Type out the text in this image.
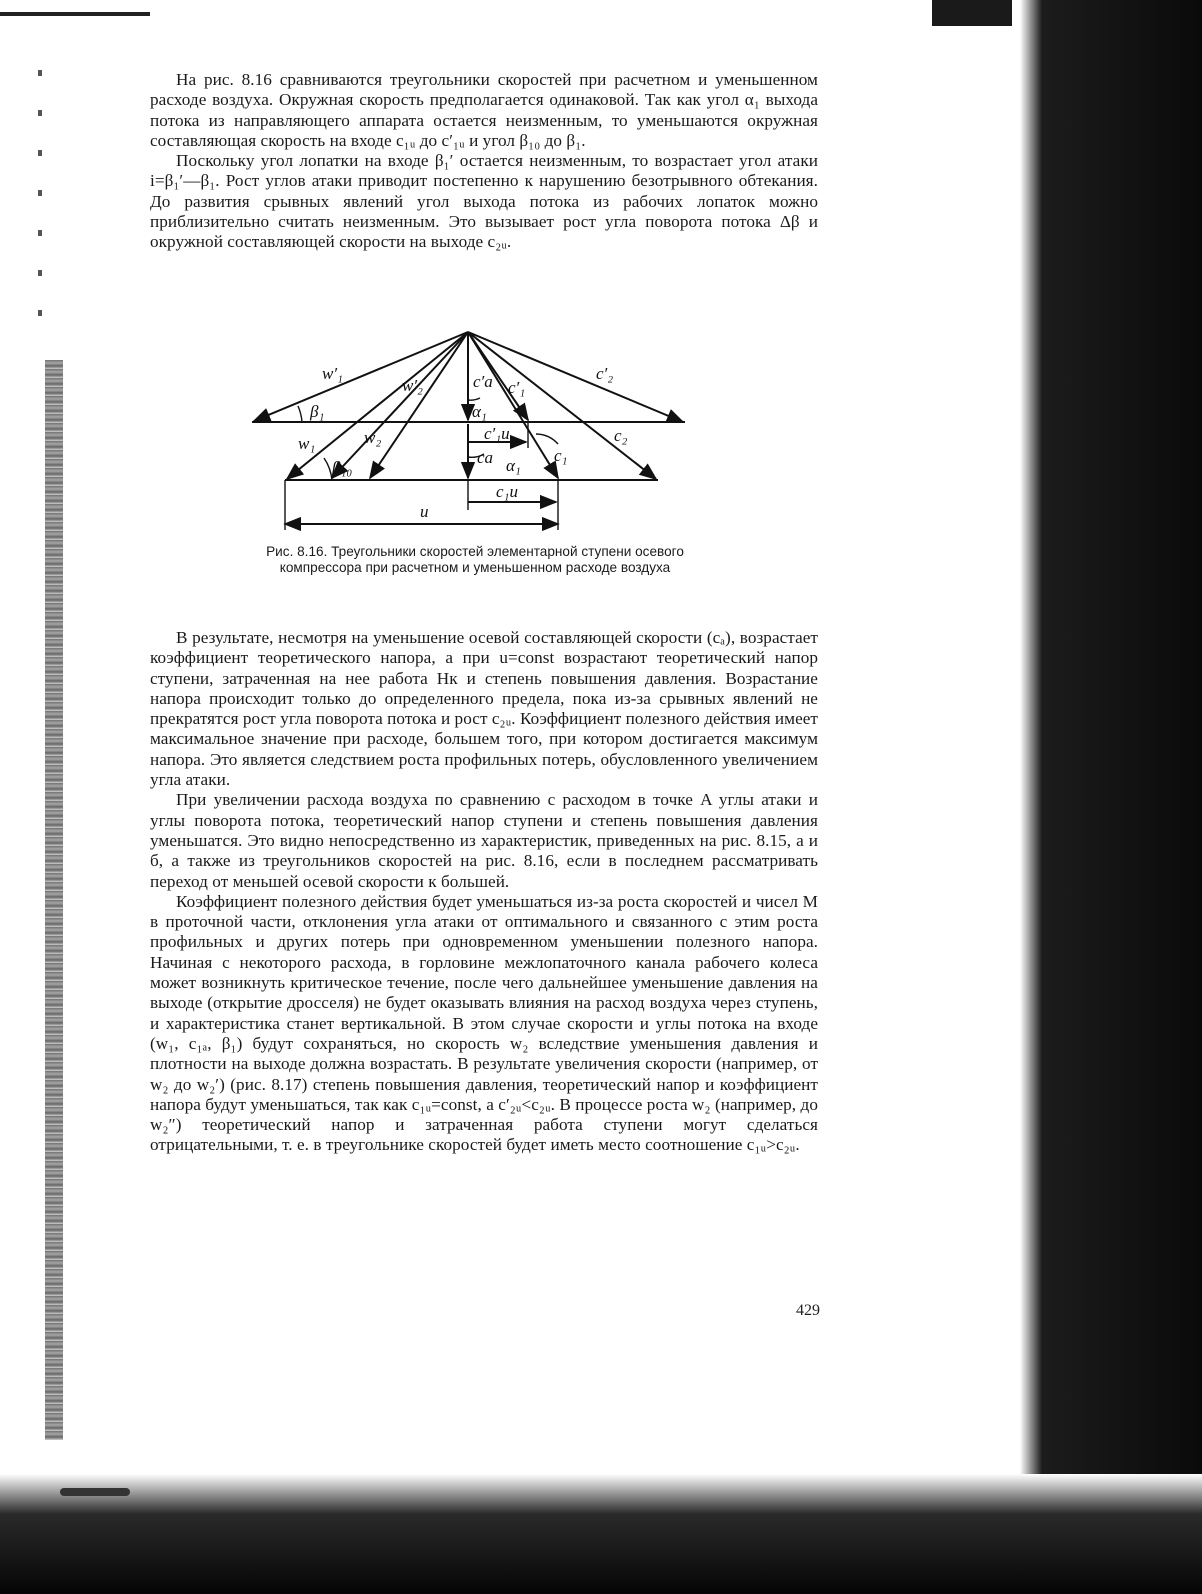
На рис. 8.16 сравниваются треугольники скоростей при расчетном и уменьшенном расходе воздуха. Окружная скорость предполагается одинаковой. Так как угол α₁ выхода потока из направляющего аппарата остается неизменным, то уменьшаются окружная составляющая скорость на входе c₁ᵤ до c′₁ᵤ и угол β₁₀ до β₁.

Поскольку угол лопатки на входе β₁′ остается неизменным, то возрастает угол атаки i=β₁′—β₁. Рост углов атаки приводит постепенно к нарушению безотрывного обтекания. До развития срывных явлений угол выхода потока из рабочих лопаток можно приблизительно считать неизменным. Это вызывает рост угла поворота потока Δβ и окружной составляющей скорости на выходе c₂ᵤ.

w′₁
w′₂	c′a c′₁
c′₂
β₁	α₁
w₁	w₂	c′₁u	c₂
β₁₀
ca α₁
c₁
c₁u
u
Рис. 8.16. Треугольники скоростей элементарной ступени осевого компрессора при расчетном и уменьшенном расходе воздуха

В результате, несмотря на уменьшение осевой составляющей скорости (cₐ), возрастает коэффициент теоретического напора, а при u=const возрастают теоретический напор ступени, затраченная на нее работа Hк и степень повышения давления. Возрастание напора происходит только до определенного предела, пока из-за срывных явлений не прекратятся рост угла поворота потока и рост c₂ᵤ. Коэффициент полезного действия имеет максимальное значение при расходе, большем того, при котором достигается максимум напора. Это является следствием роста профильных потерь, обусловленного увеличением угла атаки.

При увеличении расхода воздуха по сравнению с расходом в точке A углы атаки и углы поворота потока, теоретический напор ступени и степень повышения давления уменьшатся. Это видно непосредственно из характеристик, приведенных на рис. 8.15, а и б, а также из треугольников скоростей на рис. 8.16, если в последнем рассматривать переход от меньшей осевой скорости к большей.

Коэффициент полезного действия будет уменьшаться из-за роста скоростей и чисел M в проточной части, отклонения угла атаки от оптимального и связанного с этим роста профильных и других потерь при одновременном уменьшении полезного напора. Начиная с некоторого расхода, в горловине межлопаточного канала рабочего колеса может возникнуть критическое течение, после чего дальнейшее уменьшение давления на выходе (открытие дросселя) не будет оказывать влияния на расход воздуха через ступень, и характеристика станет вертикальной. В этом случае скорости и углы потока на входе (w₁, c₁ₐ, β₁) будут сохраняться, но скорость w₂ вследствие уменьшения давления и плотности на выходе должна возрастать. В результате увеличения скорости (например, от w₂ до w₂′) (рис. 8.17) степень повышения давления, теоретический напор и коэффициент напора будут уменьшаться, так как c₁ᵤ=const, а c′₂ᵤ<c₂ᵤ. В процессе роста w₂ (например, до w₂″) теоретический напор и затраченная работа ступени могут сделаться отрицательными, т. е. в треугольнике скоростей будет иметь место соотношение c₁ᵤ>c₂ᵤ.

429
